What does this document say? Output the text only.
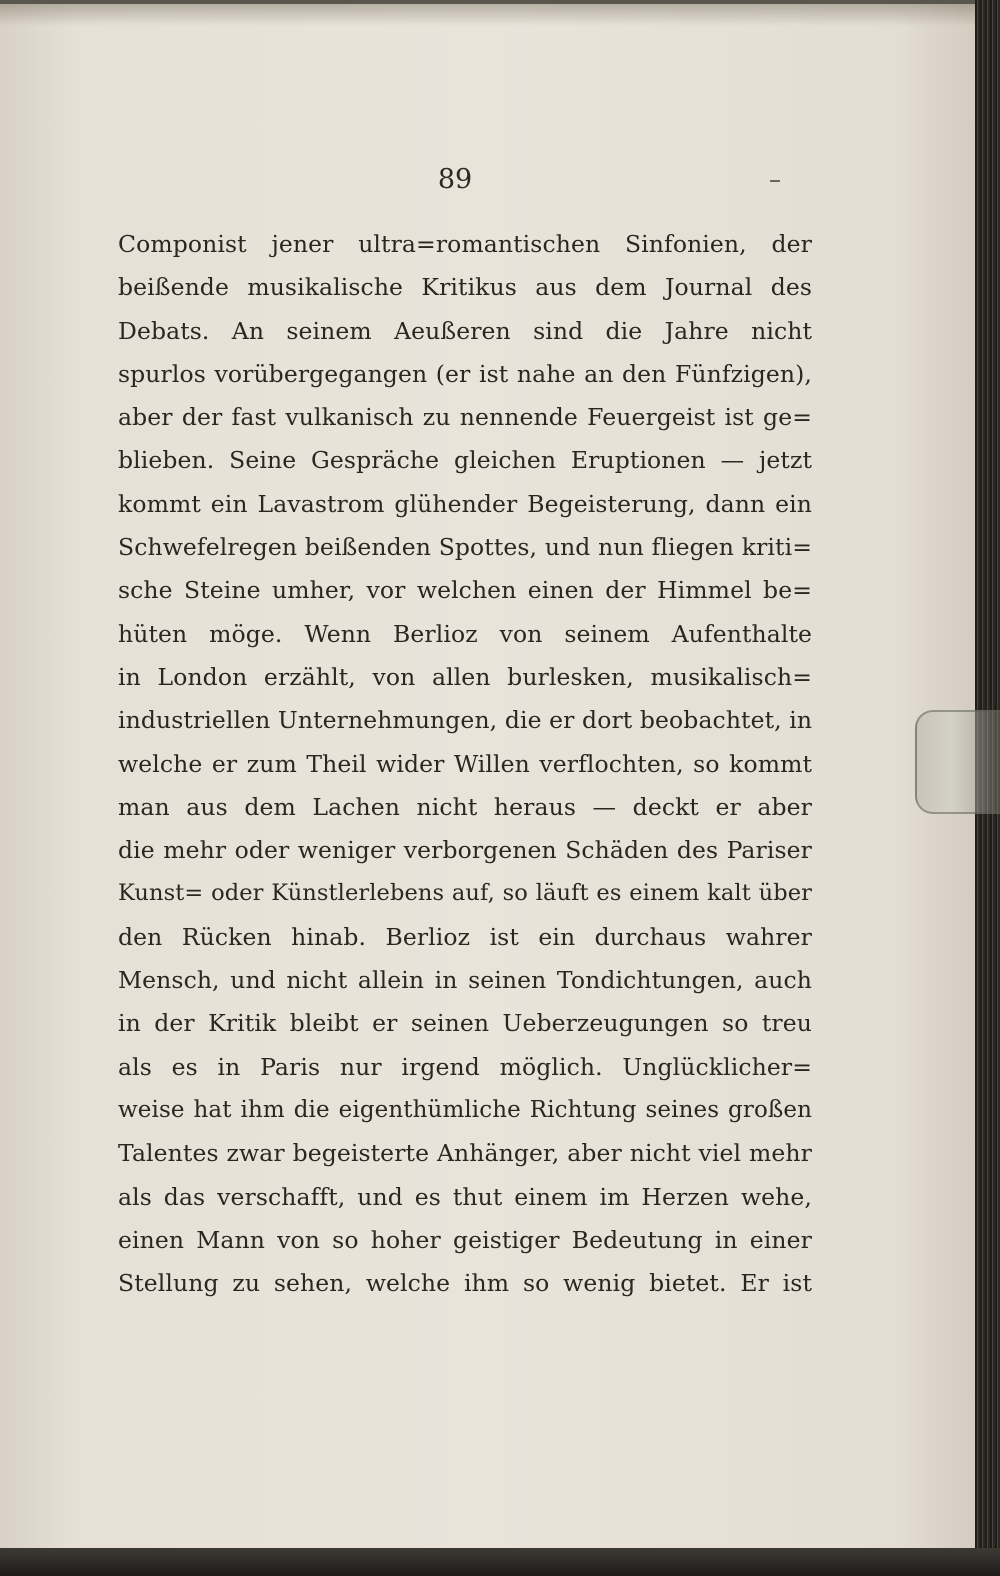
89
Componist jener ultra=romantischen Sinfonien, der
beißende musikalische Kritikus aus dem Journal des
Debats. An seinem Aeußeren sind die Jahre nicht
spurlos vorübergegangen (er ist nahe an den Fünfzigen),
aber der fast vulkanisch zu nennende Feuergeist ist ge=
blieben. Seine Gespräche gleichen Eruptionen — jetzt
kommt ein Lavastrom glühender Begeisterung, dann ein
Schwefelregen beißenden Spottes, und nun fliegen kriti=
sche Steine umher, vor welchen einen der Himmel be=
hüten möge. Wenn Berlioz von seinem Aufenthalte
in London erzählt, von allen burlesken, musikalisch=
industriellen Unternehmungen, die er dort beobachtet, in
welche er zum Theil wider Willen verflochten, so kommt
man aus dem Lachen nicht heraus — deckt er aber
die mehr oder weniger verborgenen Schäden des Pariser
Kunst= oder Künstlerlebens auf, so läuft es einem kalt über
den Rücken hinab. Berlioz ist ein durchaus wahrer
Mensch, und nicht allein in seinen Tondichtungen, auch
in der Kritik bleibt er seinen Ueberzeugungen so treu
als es in Paris nur irgend möglich. Unglücklicher=
weise hat ihm die eigenthümliche Richtung seines großen
Talentes zwar begeisterte Anhänger, aber nicht viel mehr
als das verschafft, und es thut einem im Herzen wehe,
einen Mann von so hoher geistiger Bedeutung in einer
Stellung zu sehen, welche ihm so wenig bietet. Er ist
